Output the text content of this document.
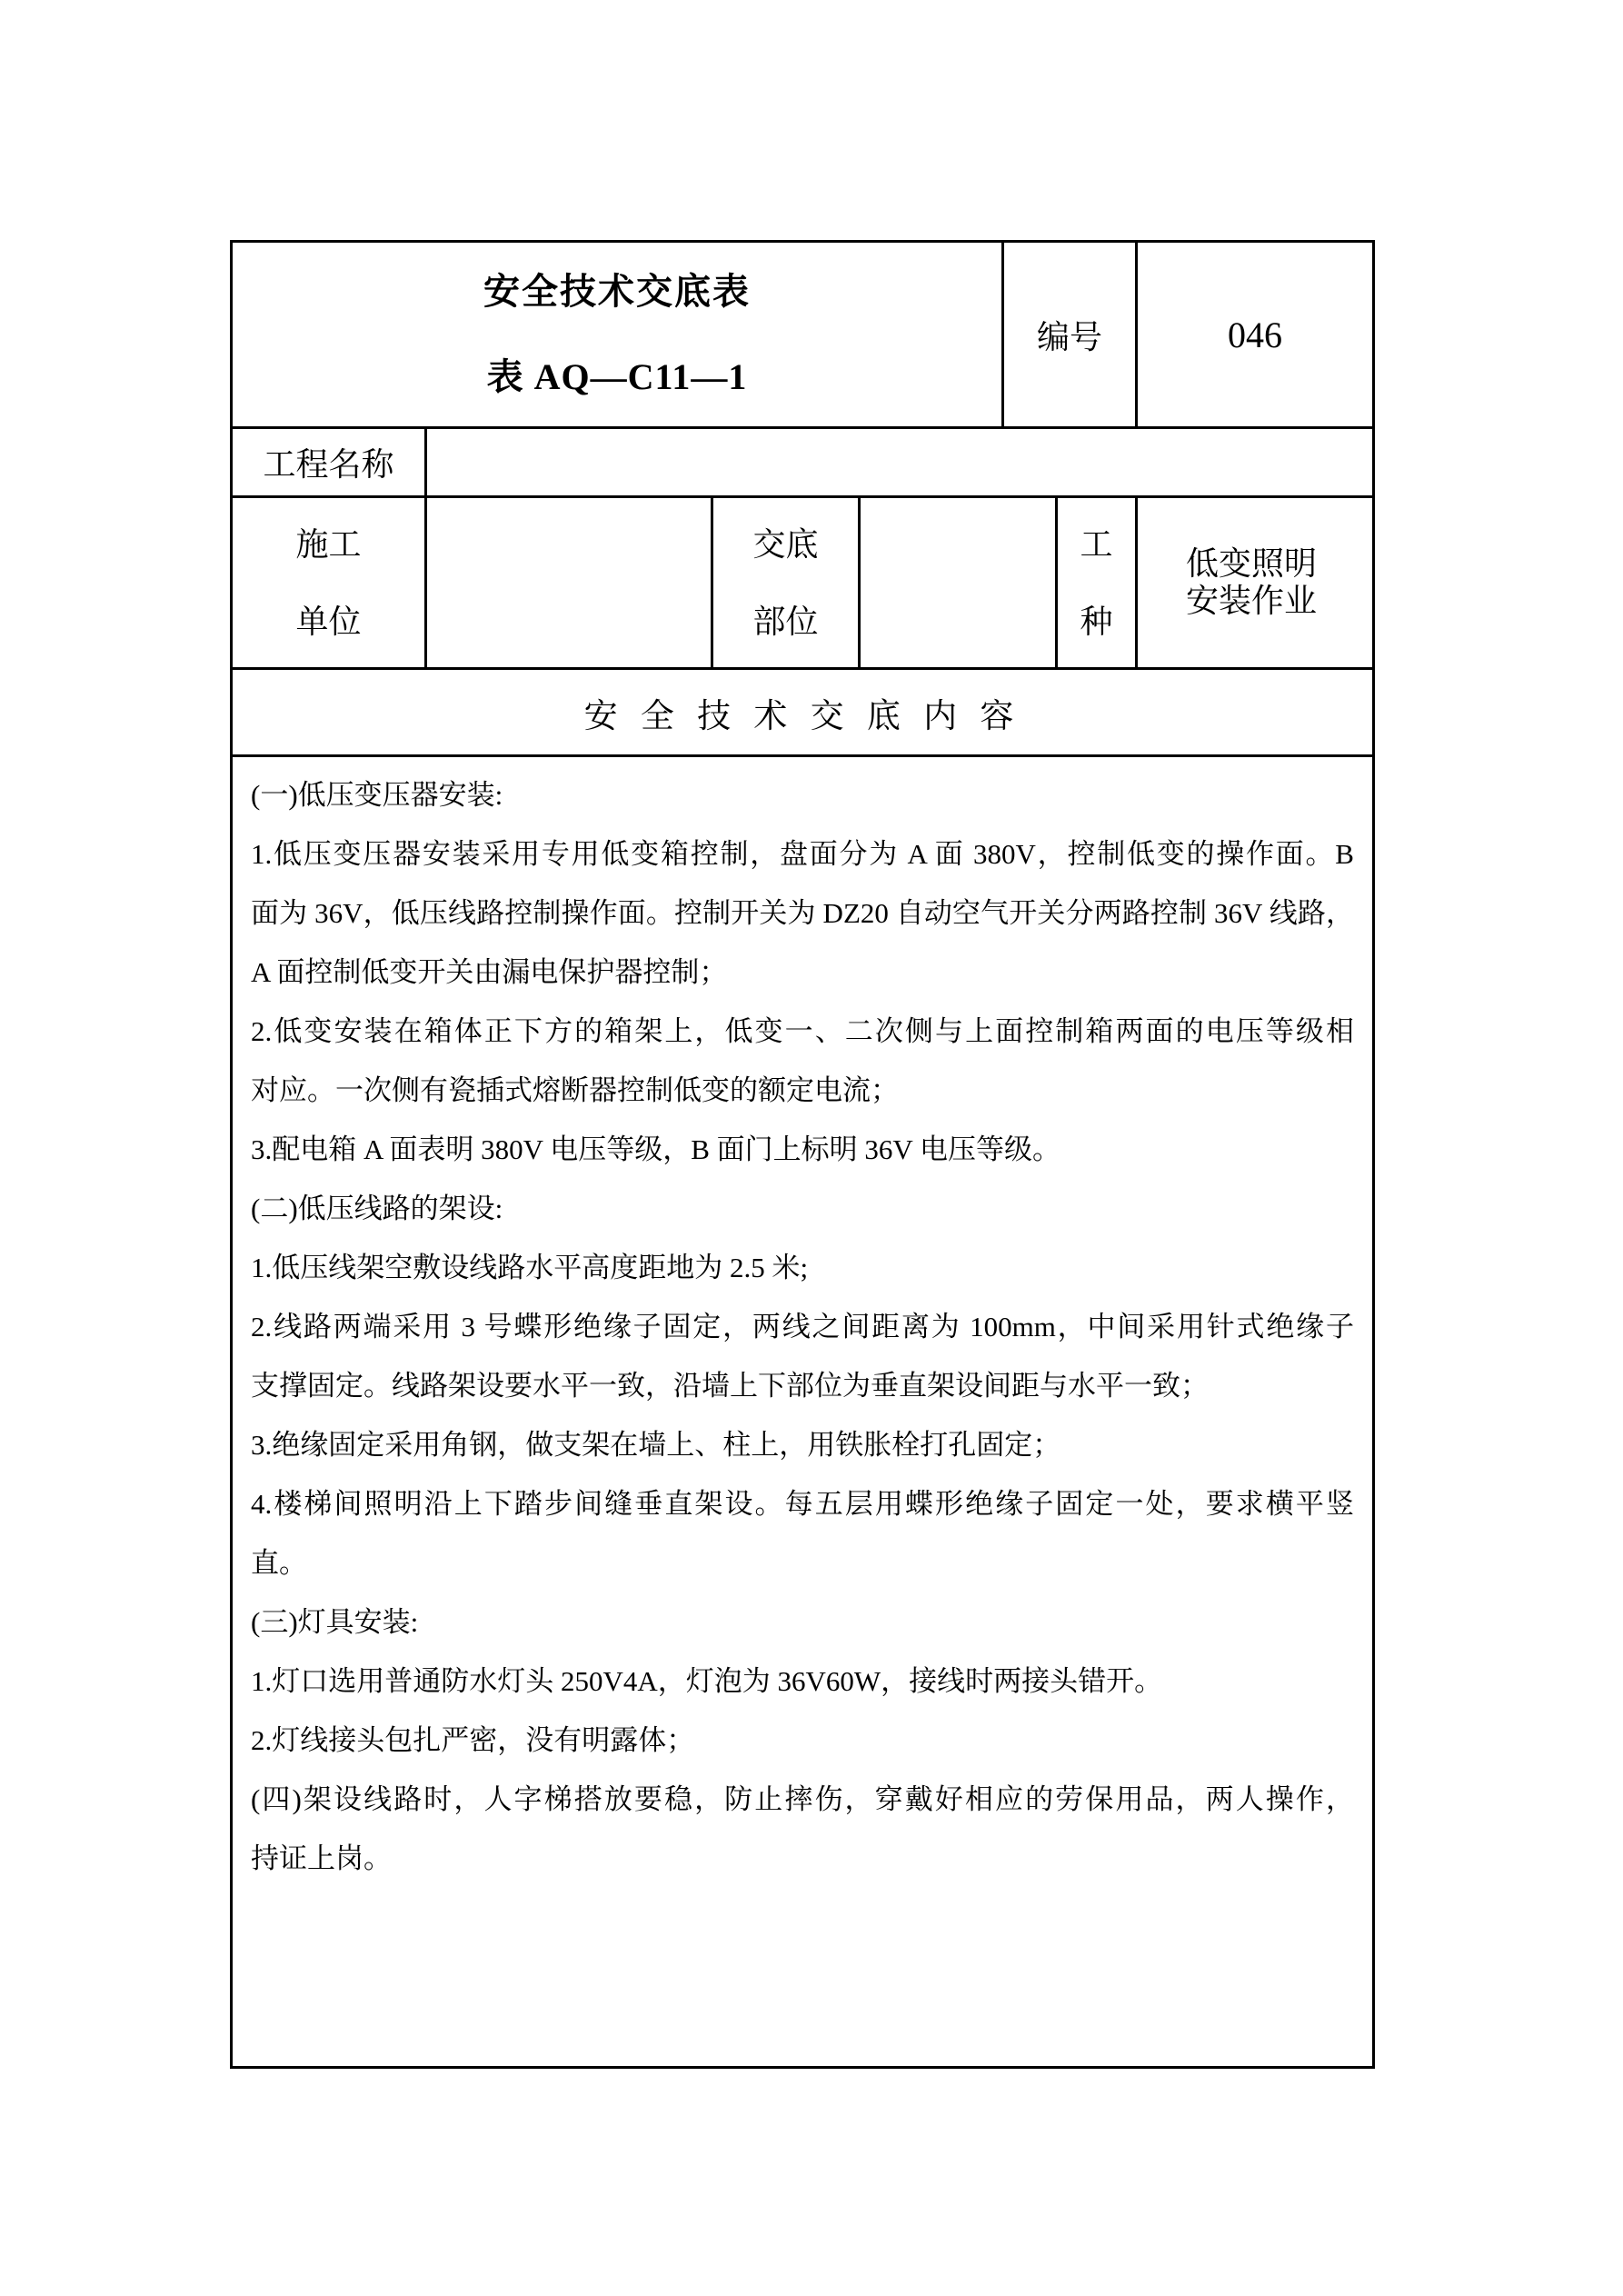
安全技术交底表
表 AQ—C11—1
编号	046
工程名称
施工
单位
交底
部位
工
种
低变照明
安装作业
安 全 技 术 交 底 内 容
(一)低压变压器安装:
1.低压变压器安装采用专用低变箱控制，盘面分为 A 面 380V，控制低变的操作面。B
面为 36V，低压线路控制操作面。控制开关为 DZ20 自动空气开关分两路控制 36V 线路，
A 面控制低变开关由漏电保护器控制；
2.低变安装在箱体正下方的箱架上，低变一、二次侧与上面控制箱两面的电压等级相
对应。一次侧有瓷插式熔断器控制低变的额定电流；
3.配电箱 A 面表明 380V 电压等级，B 面门上标明 36V 电压等级。
(二)低压线路的架设:
1.低压线架空敷设线路水平高度距地为 2.5 米;
2.线路两端采用 3 号蝶形绝缘子固定，两线之间距离为 100mm，中间采用针式绝缘子
支撑固定。线路架设要水平一致，沿墙上下部位为垂直架设间距与水平一致；
3.绝缘固定采用角钢，做支架在墙上、柱上，用铁胀栓打孔固定；
4.楼梯间照明沿上下踏步间缝垂直架设。每五层用蝶形绝缘子固定一处，要求横平竖
直。
(三)灯具安装:
1.灯口选用普通防水灯头 250V4A，灯泡为 36V60W，接线时两接头错开。
2.灯线接头包扎严密，没有明露体；
(四)架设线路时，人字梯搭放要稳，防止摔伤，穿戴好相应的劳保用品，两人操作，
持证上岗。
